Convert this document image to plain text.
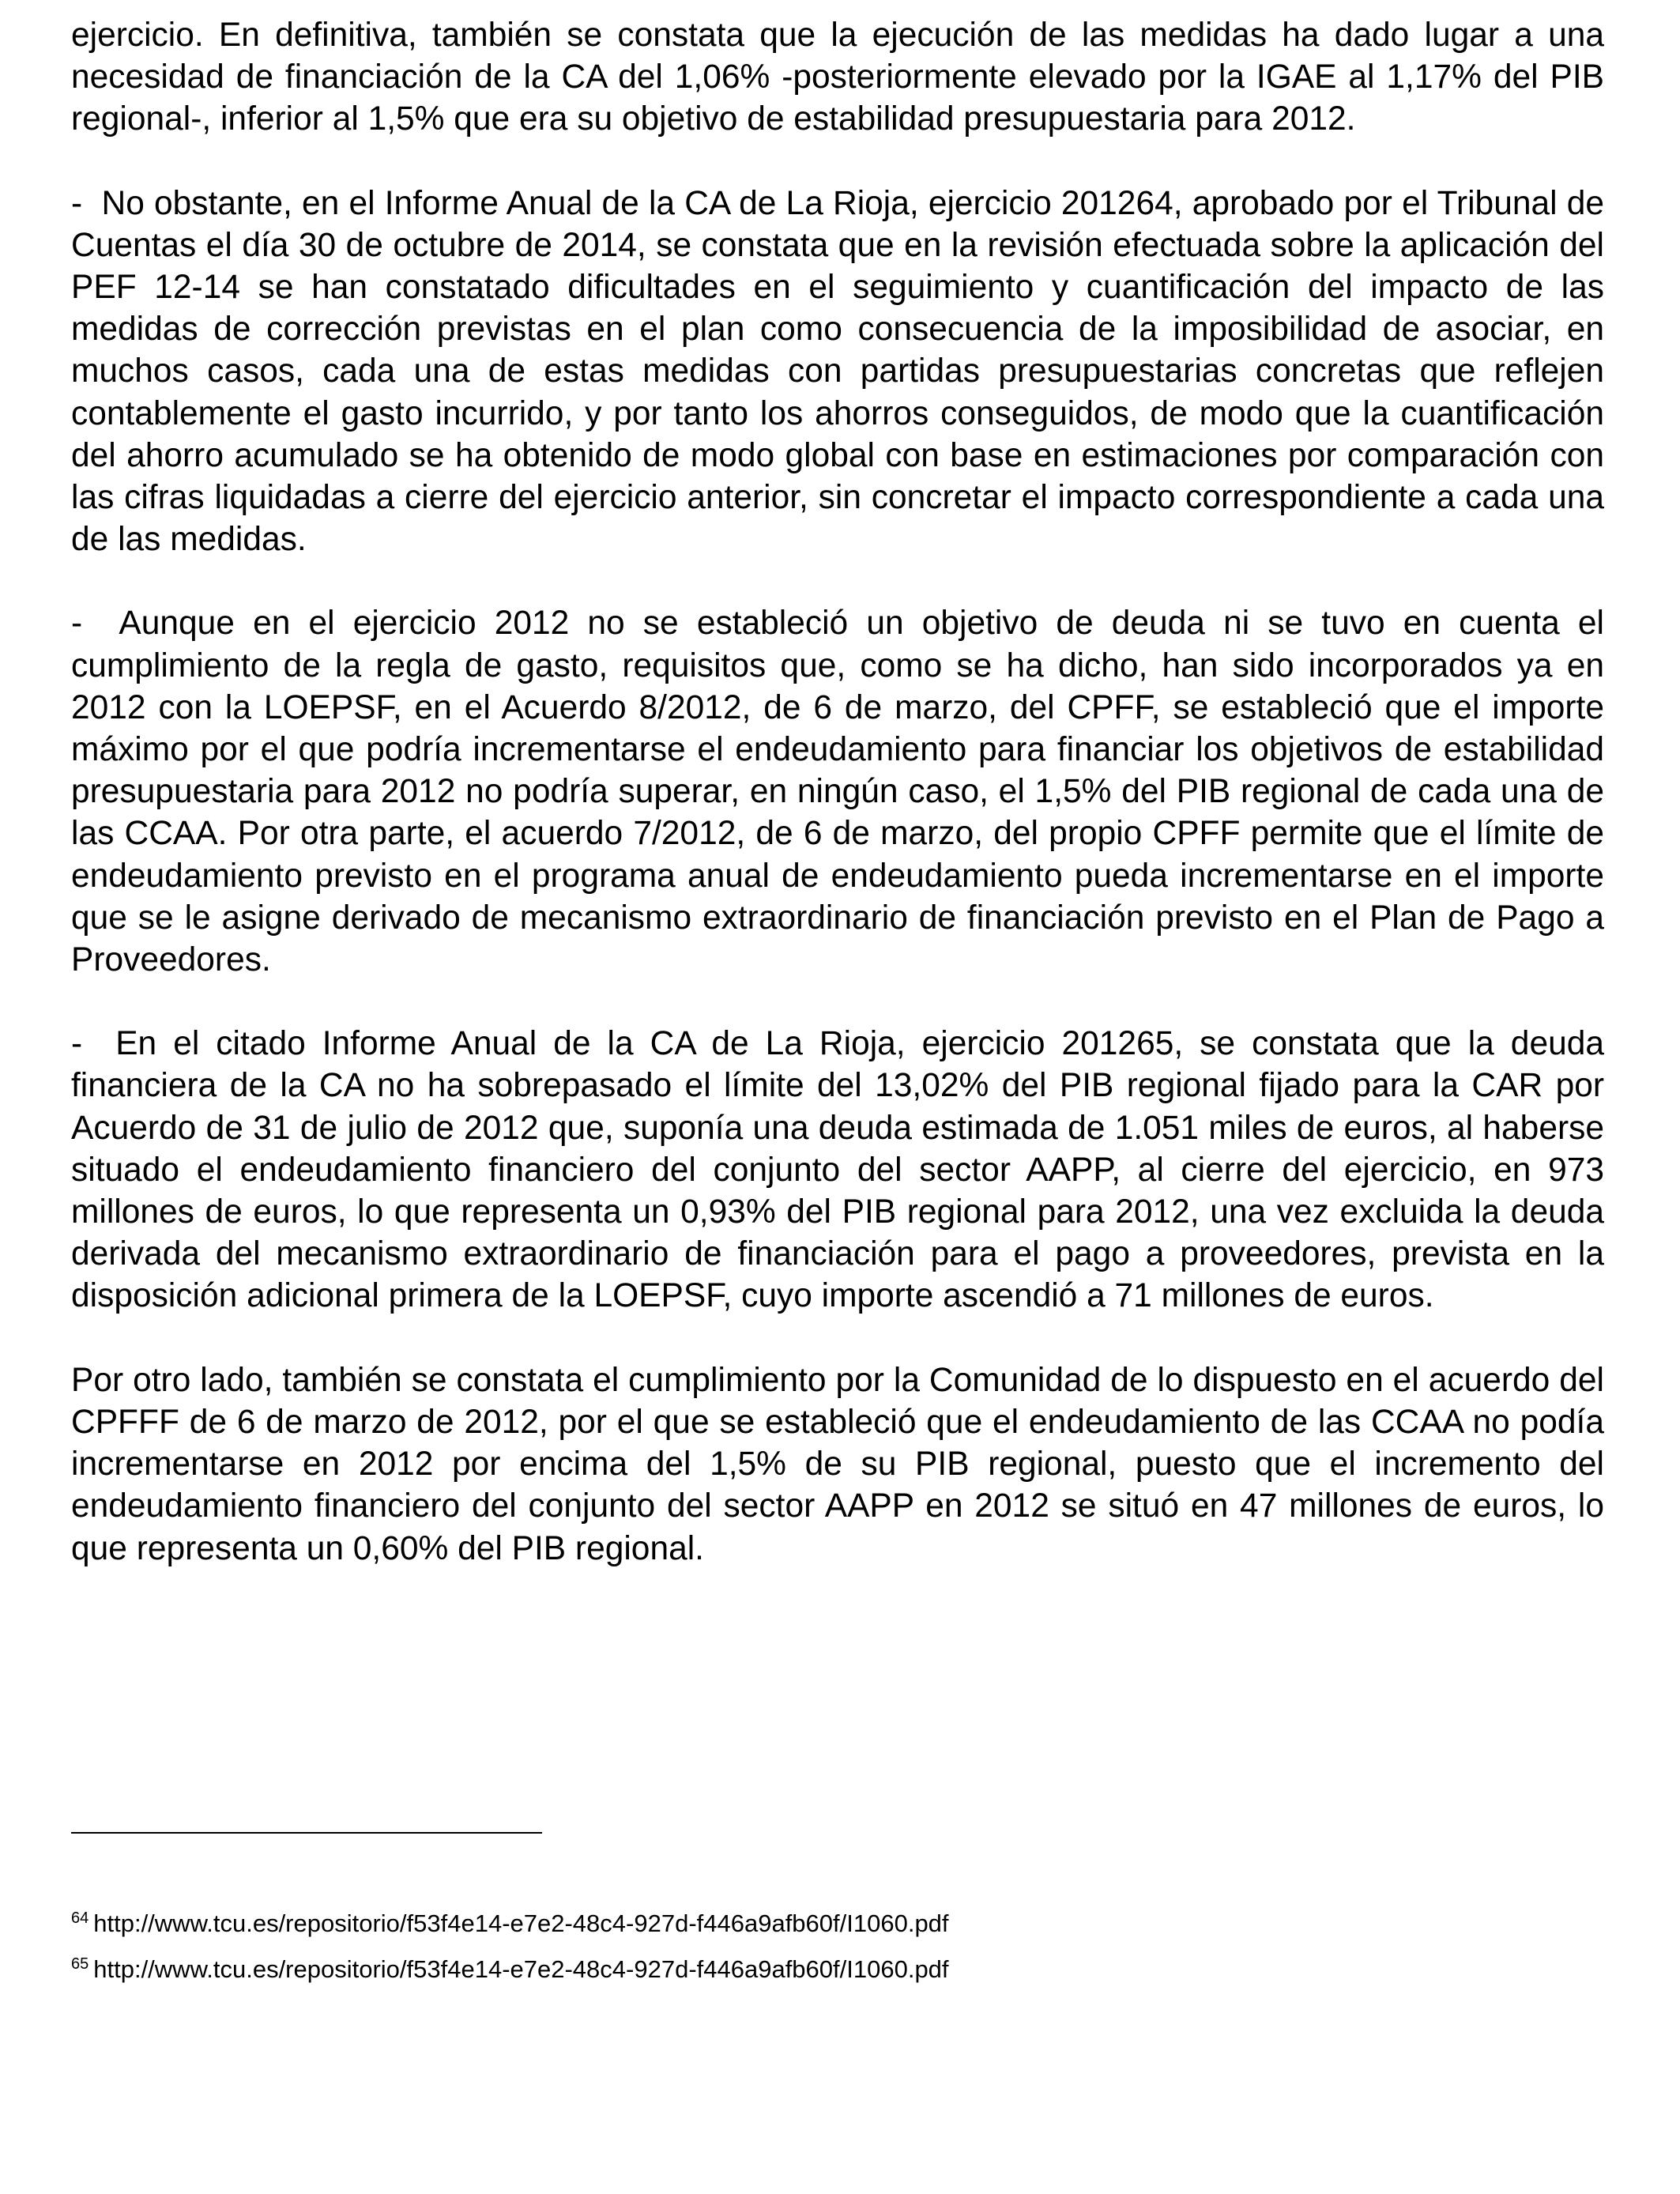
ejercicio. En definitiva, también se constata que la ejecución de las medidas ha dado lugar a una necesidad de financiación de la CA del 1,06% -posteriormente elevado por la IGAE al 1,17% del PIB regional-, inferior al 1,5% que era su objetivo de estabilidad presupuestaria para 2012.

-  No obstante, en el Informe Anual de la CA de La Rioja, ejercicio 201264, aprobado por el Tribunal de Cuentas el día 30 de octubre de 2014, se constata que en la revisión efectuada sobre la aplicación del PEF 12-14 se han constatado dificultades en el seguimiento y cuantificación del impacto de las medidas de corrección previstas en el plan como consecuencia de la imposibilidad de asociar, en muchos casos, cada una de estas medidas con partidas presupuestarias concretas que reflejen contablemente el gasto incurrido, y por tanto los ahorros conseguidos, de modo que la cuantificación del ahorro acumulado se ha obtenido de modo global con base en estimaciones por comparación con las cifras liquidadas a cierre del ejercicio anterior, sin concretar el impacto correspondiente a cada una de las medidas.

-  Aunque en el ejercicio 2012 no se estableció un objetivo de deuda ni se tuvo en cuenta el cumplimiento de la regla de gasto, requisitos que, como se ha dicho, han sido incorporados ya en 2012 con la LOEPSF, en el Acuerdo 8/2012, de 6 de marzo, del CPFF, se estableció que el importe máximo por el que podría incrementarse el endeudamiento para financiar los objetivos de estabilidad presupuestaria para 2012 no podría superar, en ningún caso, el 1,5% del PIB regional de cada una de las CCAA. Por otra parte, el acuerdo 7/2012, de 6 de marzo, del propio CPFF permite que el límite de endeudamiento previsto en el programa anual de endeudamiento pueda incrementarse en el importe que se le asigne derivado de mecanismo extraordinario de financiación previsto en el Plan de Pago a Proveedores.

-  En el citado Informe Anual de la CA de La Rioja, ejercicio 201265, se constata que la deuda financiera de la CA no ha sobrepasado el límite del 13,02% del PIB regional fijado para la CAR por Acuerdo de 31 de julio de 2012 que, suponía una deuda estimada de 1.051 miles de euros, al haberse situado el endeudamiento financiero del conjunto del sector AAPP, al cierre del ejercicio, en 973 millones de euros, lo que representa un 0,93% del PIB regional para 2012, una vez excluida la deuda derivada del mecanismo extraordinario de financiación para el pago a proveedores, prevista en la disposición adicional primera de la LOEPSF, cuyo importe ascendió a 71 millones de euros.

Por otro lado, también se constata el cumplimiento por la Comunidad de lo dispuesto en el acuerdo del CPFFF de 6 de marzo de 2012, por el que se estableció que el endeudamiento de las CCAA no podía incrementarse en 2012 por encima del 1,5% de su PIB regional, puesto que el incremento del endeudamiento financiero del conjunto del sector AAPP en 2012 se situó en 47 millones de euros, lo que representa un 0,60% del PIB regional.

$^{64}$ http://www.tcu.es/repositorio/f53f4e14-e7e2-48c4-927d-f446a9afb60f/I1060.pdf

$^{65}$ http://www.tcu.es/repositorio/f53f4e14-e7e2-48c4-927d-f446a9afb60f/I1060.pdf
